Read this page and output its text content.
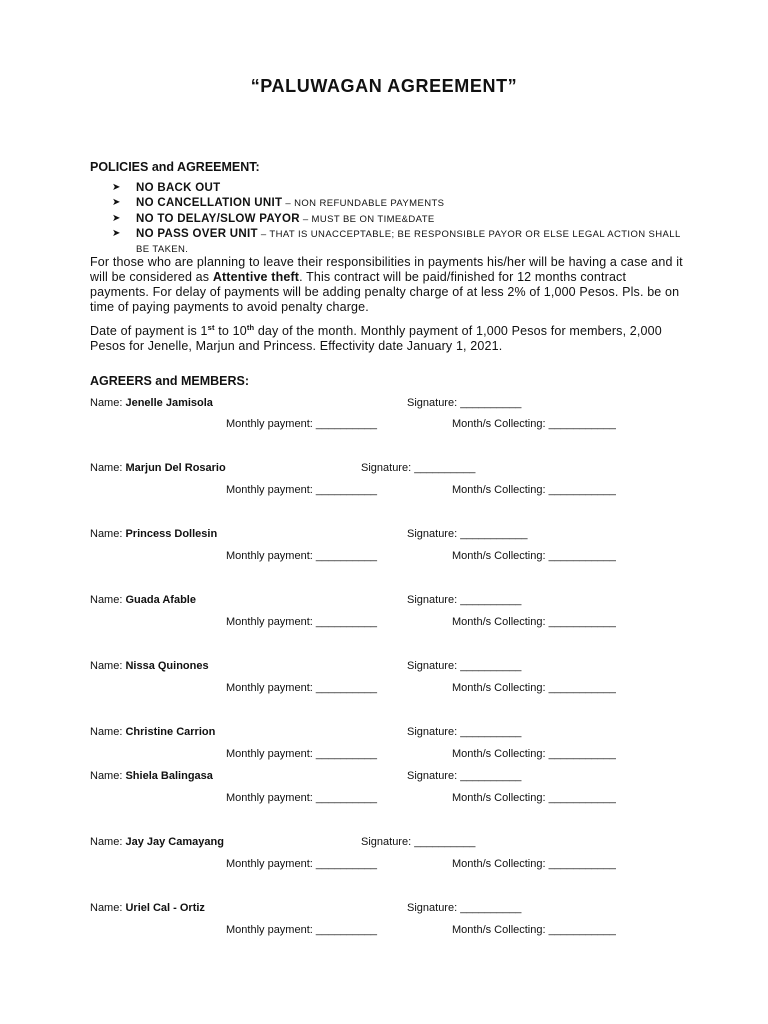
“PALUWAGAN AGREEMENT”
POLICIES and AGREEMENT:
➤ NO BACK OUT
➤ NO CANCELLATION UNIT – NON REFUNDABLE PAYMENTS
➤ NO TO DELAY/SLOW PAYOR – MUST BE ON TIME&DATE
➤ NO PASS OVER UNIT – THAT IS UNACCEPTABLE; BE RESPONSIBLE PAYOR OR ELSE LEGAL ACTION SHALL BE TAKEN.
For those who are planning to leave their responsibilities in payments his/her will be having a case and it will be considered as Attentive theft. This contract will be paid/finished for 12 months contract payments. For delay of payments will be adding penalty charge of at less 2% of 1,000 Pesos. Pls. be on time of paying payments to avoid penalty charge.
Date of payment is 1st to 10th day of the month. Monthly payment of 1,000 Pesos for members, 2,000 Pesos for Jenelle, Marjun and Princess. Effectivity date January 1, 2021.
AGREERS and MEMBERS:
Name: Jenelle Jamisola	Signature: __________
Monthly payment: __________	Month/s Collecting: ___________
Name: Marjun Del Rosario	Signature: __________
Monthly payment: __________	Month/s Collecting: ___________
Name: Princess Dollesin	Signature: ___________
Monthly payment: __________	Month/s Collecting: ___________
Name: Guada Afable	Signature: __________
Monthly payment: __________	Month/s Collecting: ___________
Name: Nissa Quinones	Signature: __________
Monthly payment: __________	Month/s Collecting: ___________
Name: Christine Carrion	Signature: __________
Monthly payment: __________	Month/s Collecting: ___________
Name: Shiela Balingasa	Signature: __________
Monthly payment: __________	Month/s Collecting: ___________
Name: Jay Jay Camayang	Signature: __________
Monthly payment: __________	Month/s Collecting: ___________
Name: Uriel Cal - Ortiz	Signature: __________
Monthly payment: __________	Month/s Collecting: ___________
